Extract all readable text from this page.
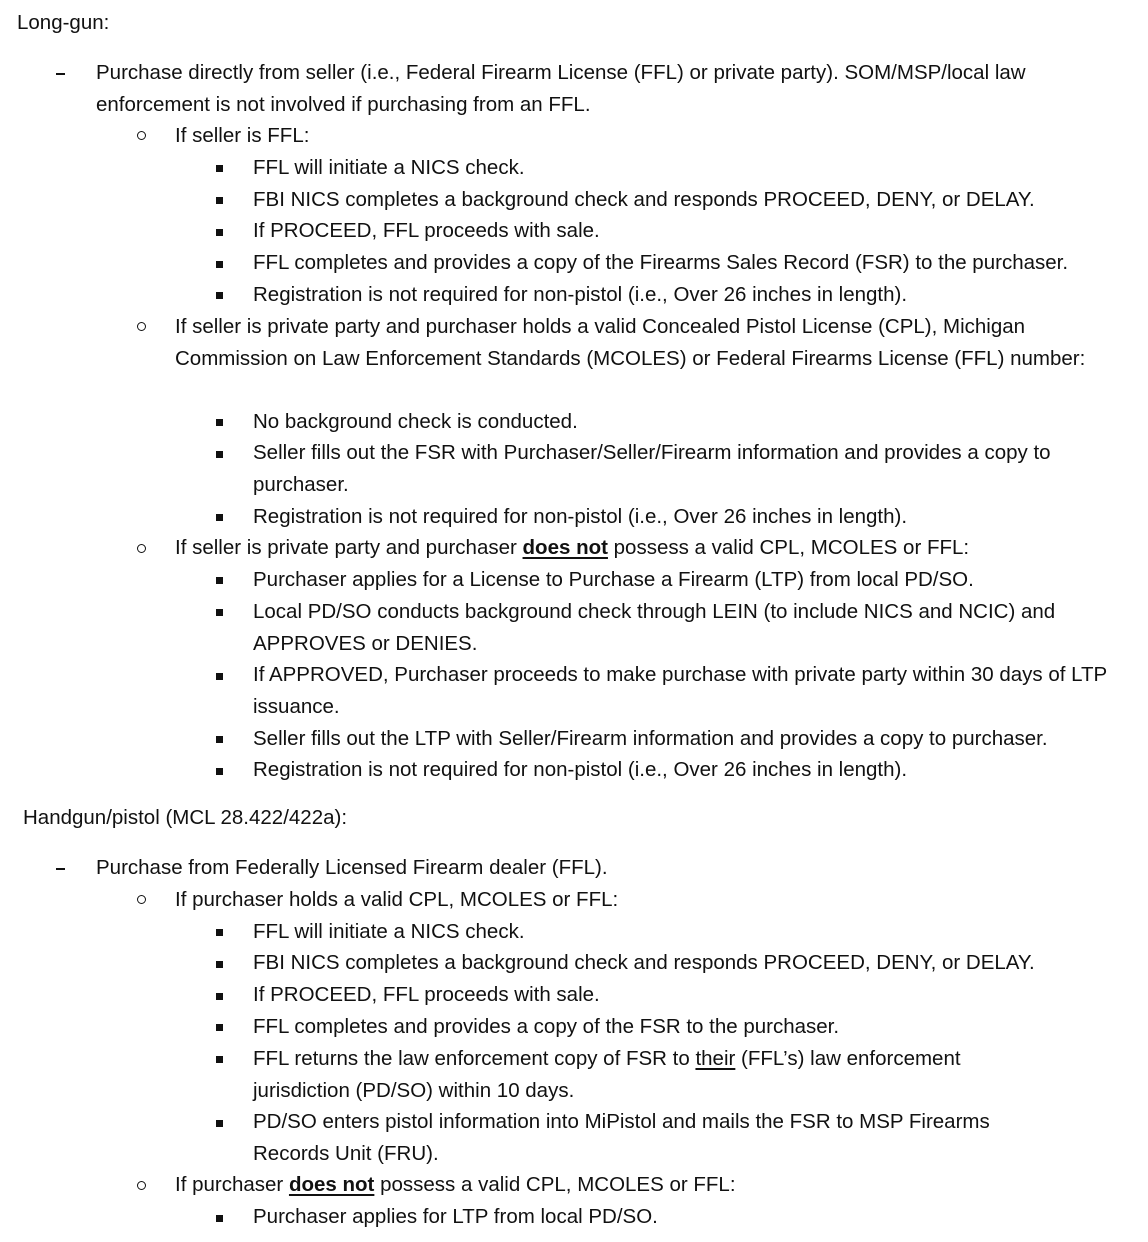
Long-gun:
Purchase directly from seller (i.e., Federal Firearm License (FFL) or private party). SOM/MSP/local law enforcement is not involved if purchasing from an FFL.
If seller is FFL:
FFL will initiate a NICS check.
FBI NICS completes a background check and responds PROCEED, DENY, or DELAY.
If PROCEED, FFL proceeds with sale.
FFL completes and provides a copy of the Firearms Sales Record (FSR) to the purchaser.
Registration is not required for non-pistol (i.e., Over 26 inches in length).
If seller is private party and purchaser holds a valid Concealed Pistol License (CPL), Michigan Commission on Law Enforcement Standards (MCOLES) or Federal Firearms License (FFL) number:
No background check is conducted.
Seller fills out the FSR with Purchaser/Seller/Firearm information and provides a copy to purchaser.
Registration is not required for non-pistol (i.e., Over 26 inches in length).
If seller is private party and purchaser does not possess a valid CPL, MCOLES or FFL:
Purchaser applies for a License to Purchase a Firearm (LTP) from local PD/SO.
Local PD/SO conducts background check through LEIN (to include NICS and NCIC) and APPROVES or DENIES.
If APPROVED, Purchaser proceeds to make purchase with private party within 30 days of LTP issuance.
Seller fills out the LTP with Seller/Firearm information and provides a copy to purchaser.
Registration is not required for non-pistol (i.e., Over 26 inches in length).
Handgun/pistol (MCL 28.422/422a):
Purchase from Federally Licensed Firearm dealer (FFL).
If purchaser holds a valid CPL, MCOLES or FFL:
FFL will initiate a NICS check.
FBI NICS completes a background check and responds PROCEED, DENY, or DELAY.
If PROCEED, FFL proceeds with sale.
FFL completes and provides a copy of the FSR to the purchaser.
FFL returns the law enforcement copy of FSR to their (FFL’s) law enforcement jurisdiction (PD/SO) within 10 days.
PD/SO enters pistol information into MiPistol and mails the FSR to MSP Firearms Records Unit (FRU).
If purchaser does not possess a valid CPL, MCOLES or FFL:
Purchaser applies for LTP from local PD/SO.
